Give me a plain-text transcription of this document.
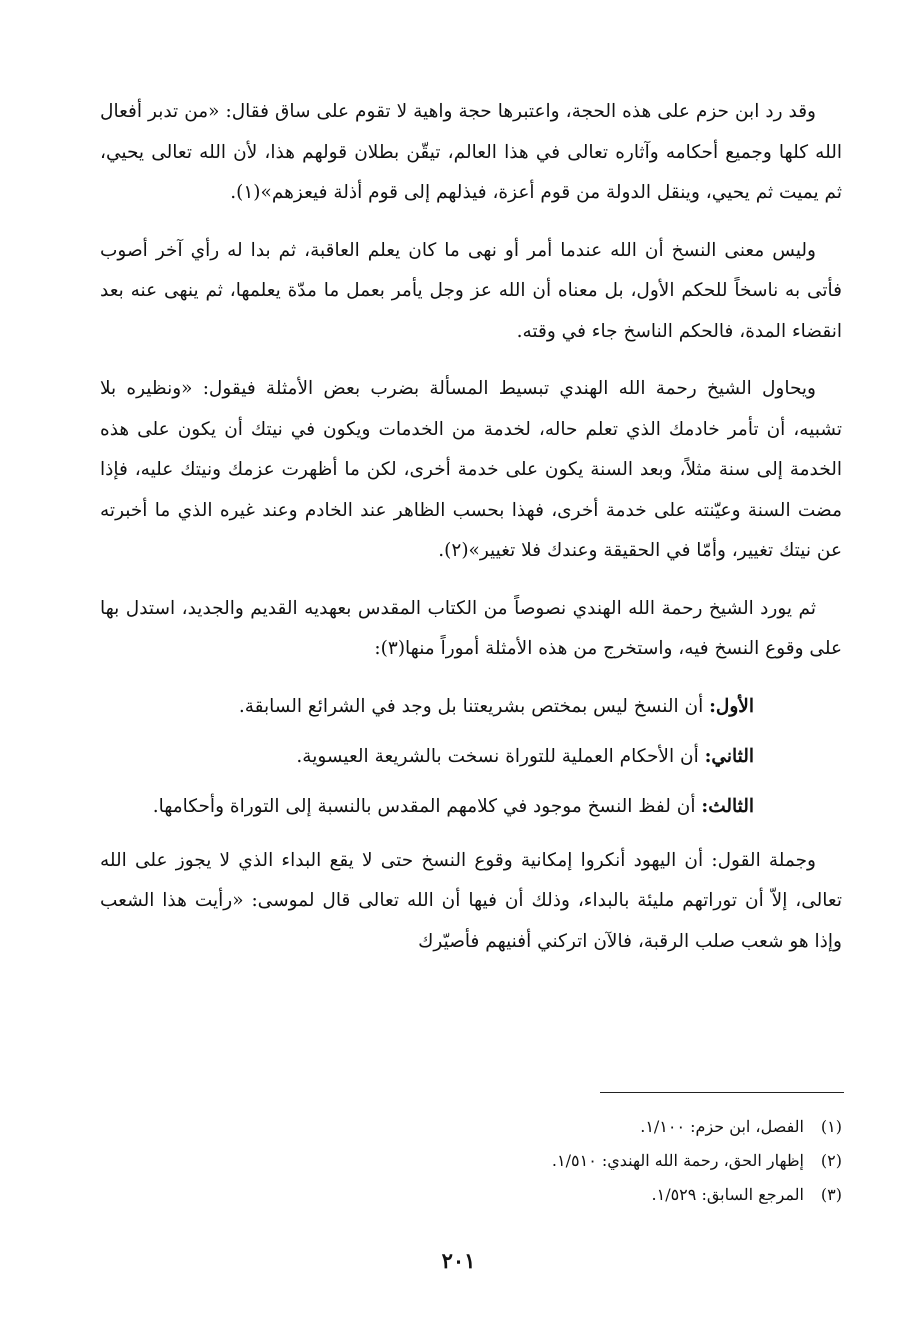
وقد رد ابن حزم على هذه الحجة، واعتبرها حجة واهية لا تقوم على ساق فقال: «من تدبر أفعال الله كلها وجميع أحكامه وآثاره تعالى في هذا العالم، تيقّن بطلان قولهم هذا، لأن الله تعالى يحيي، ثم يميت ثم يحيي، وينقل الدولة من قوم أعزة، فيذلهم إلى قوم أذلة فيعزهم»(١).

وليس معنى النسخ أن الله عندما أمر أو نهى ما كان يعلم العاقبة، ثم بدا له رأي آخر أصوب فأتى به ناسخاً للحكم الأول، بل معناه أن الله عز وجل يأمر بعمل ما مدّة يعلمها، ثم ينهى عنه بعد انقضاء المدة، فالحكم الناسخ جاء في وقته.

ويحاول الشيخ رحمة الله الهندي تبسيط المسألة بضرب بعض الأمثلة فيقول: «ونظيره بلا تشبيه، أن تأمر خادمك الذي تعلم حاله، لخدمة من الخدمات ويكون في نيتك أن يكون على هذه الخدمة إلى سنة مثلاً، وبعد السنة يكون على خدمة أخرى، لكن ما أظهرت عزمك ونيتك عليه، فإذا مضت السنة وعيّنته على خدمة أخرى، فهذا بحسب الظاهر عند الخادم وعند غيره الذي ما أخبرته عن نيتك تغيير، وأمّا في الحقيقة وعندك فلا تغيير»(٢).

ثم يورد الشيخ رحمة الله الهندي نصوصاً من الكتاب المقدس بعهديه القديم والجديد، استدل بها على وقوع النسخ فيه، واستخرج من هذه الأمثلة أموراً منها(٣):

الأول: أن النسخ ليس بمختص بشريعتنا بل وجد في الشرائع السابقة.
الثاني: أن الأحكام العملية للتوراة نسخت بالشريعة العيسوية.
الثالث: أن لفظ النسخ موجود في كلامهم المقدس بالنسبة إلى التوراة وأحكامها.

وجملة القول: أن اليهود أنكروا إمكانية وقوع النسخ حتى لا يقع البداء الذي لا يجوز على الله تعالى، إلاّ أن توراتهم مليئة بالبداء، وذلك أن فيها أن الله تعالى قال لموسى: «رأيت هذا الشعب وإذا هو شعب صلب الرقبة، فالآن اتركني أفنيهم فأصيّرك

(١)الفصل، ابن حزم: ١/١٠٠.
(٢)إظهار الحق، رحمة الله الهندي: ١/٥١٠.
(٣)المرجع السابق: ١/٥٢٩.
٢٠١
